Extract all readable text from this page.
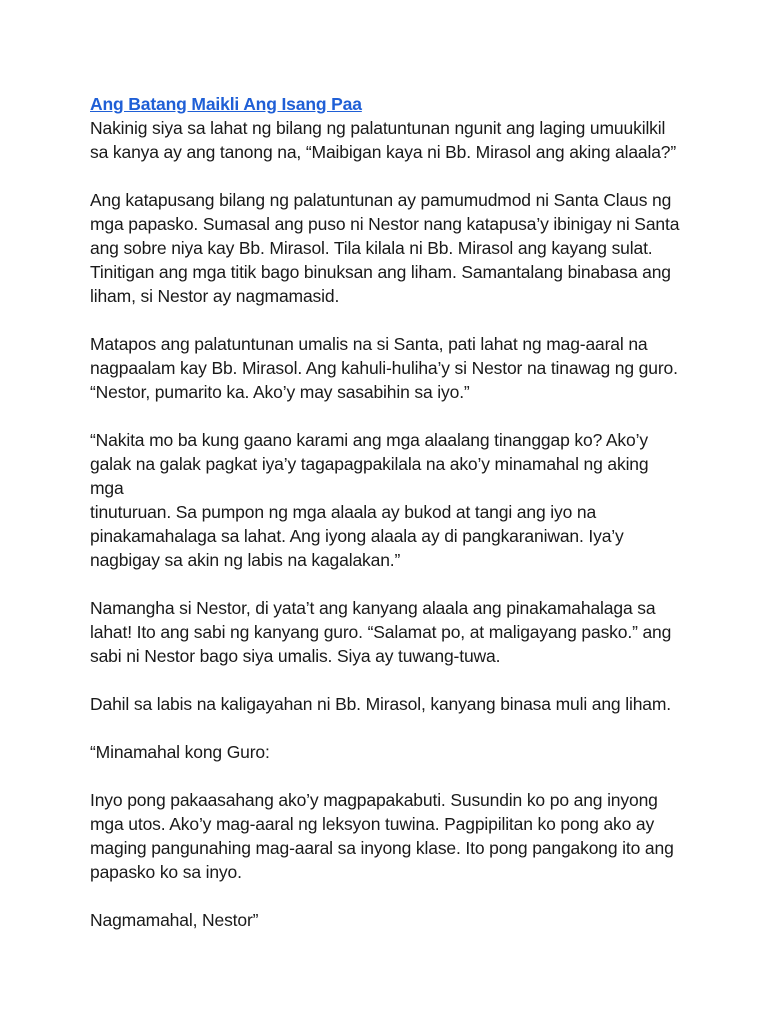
Ang Batang Maikli Ang Isang Paa

Nakinig siya sa lahat ng bilang ng palatuntunan ngunit ang laging umuukilkil
sa kanya ay ang tanong na, “Maibigan kaya ni Bb. Mirasol ang aking alaala?”

Ang katapusang bilang ng palatuntunan ay pamumudmod ni Santa Claus ng
mga papasko. Sumasal ang puso ni Nestor nang katapusa’y ibinigay ni Santa
ang sobre niya kay Bb. Mirasol. Tila kilala ni Bb. Mirasol ang kayang sulat.
Tinitigan ang mga titik bago binuksan ang liham. Samantalang binabasa ang
liham, si Nestor ay nagmamasid.

Matapos ang palatuntunan umalis na si Santa, pati lahat ng mag-aaral na
nagpaalam kay Bb. Mirasol. Ang kahuli-huliha’y si Nestor na tinawag ng guro.
“Nestor, pumarito ka. Ako’y may sasabihin sa iyo.”

“Nakita mo ba kung gaano karami ang mga alaalang tinanggap ko? Ako’y
galak na galak pagkat iya’y tagapagpakilala na ako’y minamahal ng aking mga
tinuturuan. Sa pumpon ng mga alaala ay bukod at tangi ang iyo na
pinakamahalaga sa lahat. Ang iyong alaala ay di pangkaraniwan. Iya’y
nagbigay sa akin ng labis na kagalakan.”

Namangha si Nestor, di yata’t ang kanyang alaala ang pinakamahalaga sa
lahat! Ito ang sabi ng kanyang guro. “Salamat po, at maligayang pasko.” ang
sabi ni Nestor bago siya umalis. Siya ay tuwang-tuwa.

Dahil sa labis na kaligayahan ni Bb. Mirasol, kanyang binasa muli ang liham.

“Minamahal kong Guro:

Inyo pong pakaasahang ako’y magpapakabuti. Susundin ko po ang inyong
mga utos. Ako’y mag-aaral ng leksyon tuwina. Pagpipilitan ko pong ako ay
maging pangunahing mag-aaral sa inyong klase. Ito pong pangakong ito ang
papasko ko sa inyo.

Nagmamahal, Nestor”
